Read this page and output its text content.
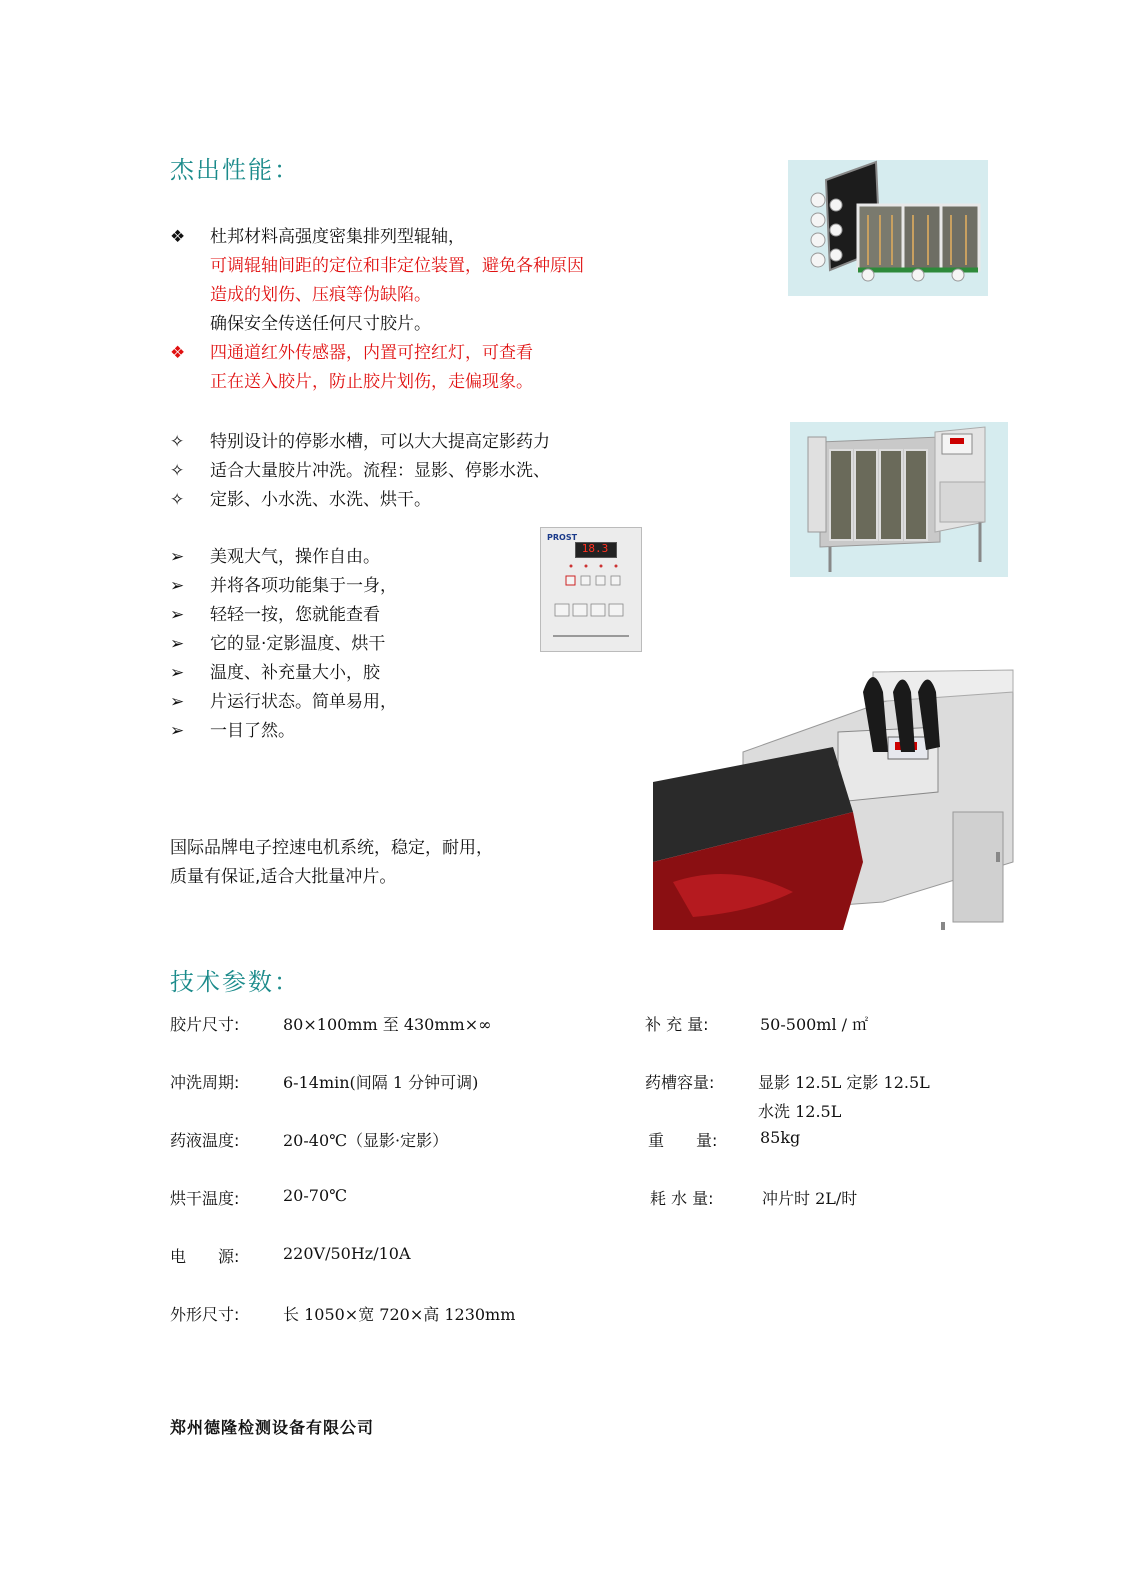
杰出性能：
❖ 杜邦材料高强度密集排列型辊轴，
可调辊轴间距的定位和非定位装置，避免各种原因
造成的划伤、压痕等伪缺陷。
确保安全传送任何尺寸胶片。
❖ 四通道红外传感器，内置可控红灯，可查看
正在送入胶片，防止胶片划伤，走偏现象。
✧ 特别设计的停影水槽，可以大大提高定影药力
✧ 适合大量胶片冲洗。流程：显影、停影水洗、
✧ 定影、小水洗、水洗、烘干。
➢ 美观大气，操作自由。
➢ 并将各项功能集于一身，
➢ 轻轻一按，您就能查看
➢ 它的显·定影温度、烘干
➢ 温度、补充量大小，胶
➢ 片运行状态。简单易用，
➢ 一目了然。
国际品牌电子控速电机系统，稳定，耐用，
质量有保证,适合大批量冲片。
PROST
18.3
技术参数：
胶片尺寸:	80×100mm 至 430mm×∞
冲洗周期:	6-14min(间隔 1 分钟可调)
药液温度:	20-40℃（显影·定影）
烘干温度:	20-70℃
电　　源:	220V/50Hz/10A
外形尺寸:	长 1050×宽 720×高 1230mm
补 充 量:	50-500ml / ㎡
药槽容量:	显影 12.5L 定影 12.5L
水洗 12.5L
重　　量:	85kg
耗 水 量:	冲片时 2L/时
郑州德隆检测设备有限公司
